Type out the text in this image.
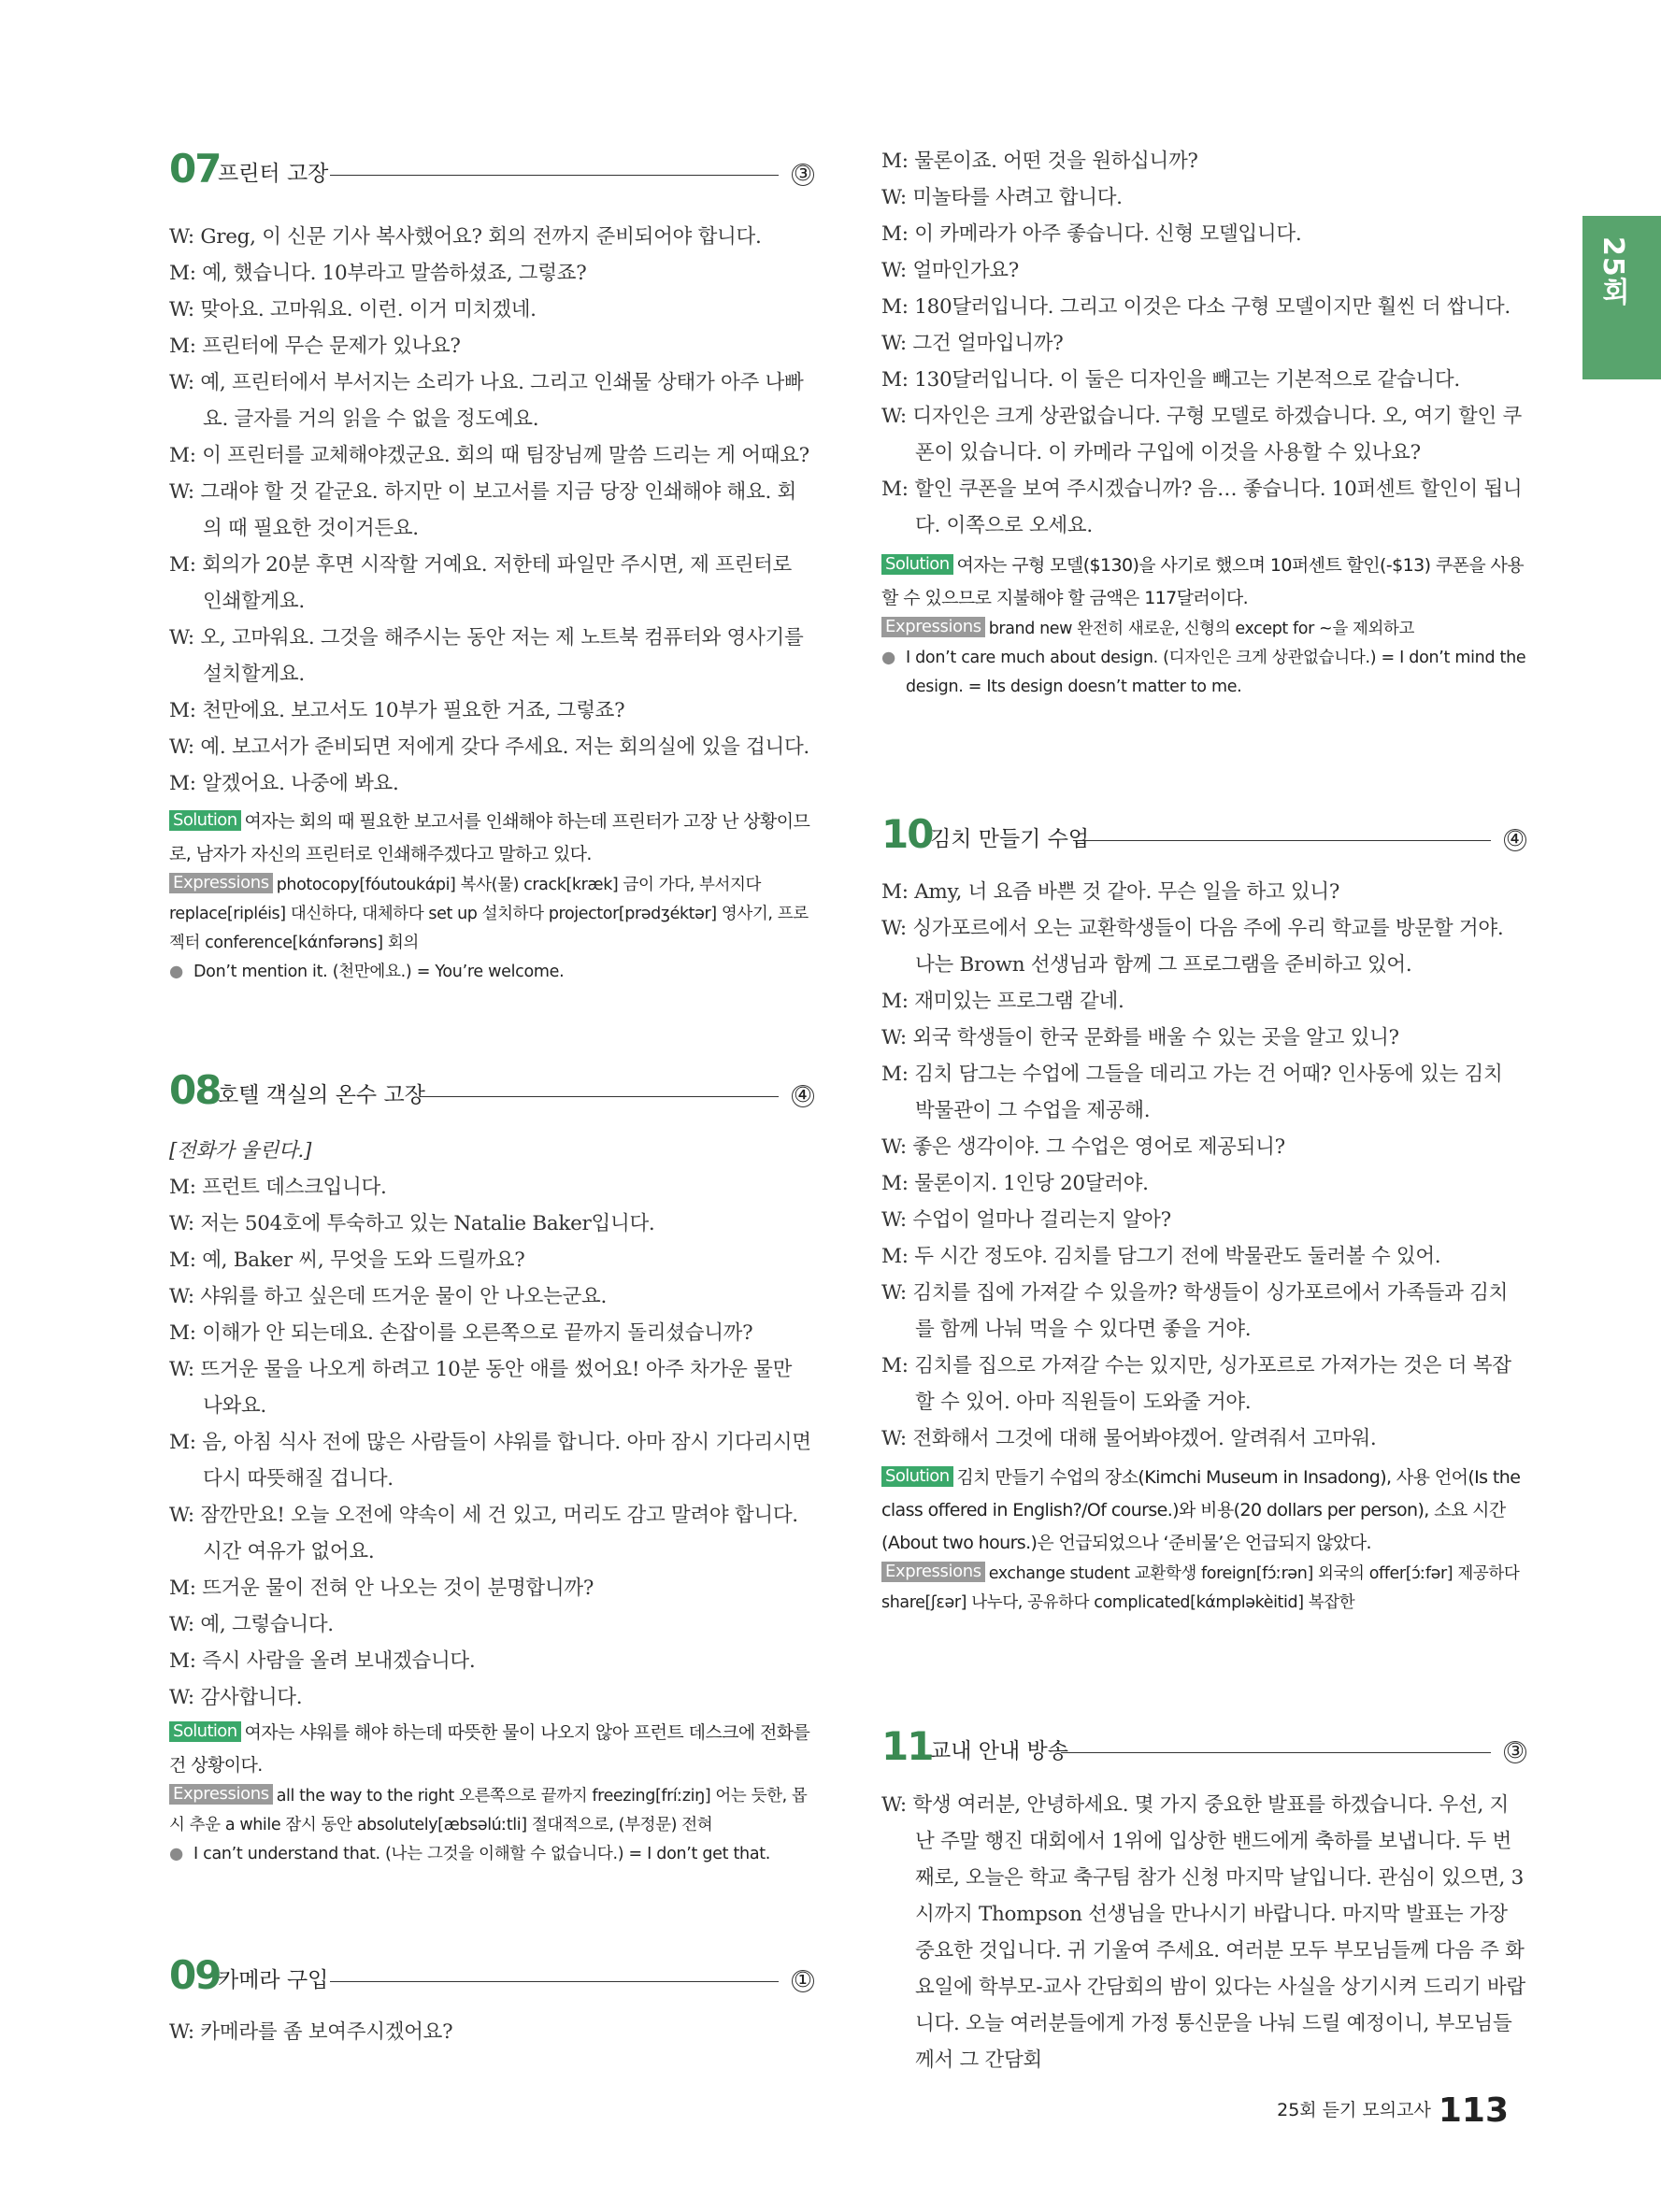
25회
07
프린터 고장	③
W: Greg, 이 신문 기사 복사했어요? 회의 전까지 준비되어야 합니다.
M: 예, 했습니다. 10부라고 말씀하셨죠, 그렇죠?
W: 맞아요. 고마워요. 이런. 이거 미치겠네.
M: 프린터에 무슨 문제가 있나요?
W: 예, 프린터에서 부서지는 소리가 나요. 그리고 인쇄물 상태가 아주 나빠요. 글자를 거의 읽을 수 없을 정도예요.
M: 이 프린터를 교체해야겠군요. 회의 때 팀장님께 말씀 드리는 게 어때요?
W: 그래야 할 것 같군요. 하지만 이 보고서를 지금 당장 인쇄해야 해요. 회의 때 필요한 것이거든요.
M: 회의가 20분 후면 시작할 거예요. 저한테 파일만 주시면, 제 프린터로 인쇄할게요.
W: 오, 고마워요. 그것을 해주시는 동안 저는 제 노트북 컴퓨터와 영사기를 설치할게요.
M: 천만에요. 보고서도 10부가 필요한 거죠, 그렇죠?
W: 예. 보고서가 준비되면 저에게 갖다 주세요. 저는 회의실에 있을 겁니다.
M: 알겠어요. 나중에 봐요.
Solution 여자는 회의 때 필요한 보고서를 인쇄해야 하는데 프린터가 고장 난 상황이므로, 남자가 자신의 프린터로 인쇄해주겠다고 말하고 있다.
Expressions photocopy[fóutoukάpi] 복사(물) crack[kræk] 금이 가다, 부서지다 replace[ripléis] 대신하다, 대체하다 set up 설치하다 projector[prədʒéktər] 영사기, 프로젝터 conference[kάnfərəns] 회의
● Don’t mention it. (천만에요.) = You’re welcome.
08
호텔 객실의 온수 고장	④
[전화가 울린다.]
M: 프런트 데스크입니다.
W: 저는 504호에 투숙하고 있는 Natalie Baker입니다.
M: 예, Baker 씨, 무엇을 도와 드릴까요?
W: 샤워를 하고 싶은데 뜨거운 물이 안 나오는군요.
M: 이해가 안 되는데요. 손잡이를 오른쪽으로 끝까지 돌리셨습니까?
W: 뜨거운 물을 나오게 하려고 10분 동안 애를 썼어요! 아주 차가운 물만 나와요.
M: 음, 아침 식사 전에 많은 사람들이 샤워를 합니다. 아마 잠시 기다리시면 다시 따뜻해질 겁니다.
W: 잠깐만요! 오늘 오전에 약속이 세 건 있고, 머리도 감고 말려야 합니다. 시간 여유가 없어요.
M: 뜨거운 물이 전혀 안 나오는 것이 분명합니까?
W: 예, 그렇습니다.
M: 즉시 사람을 올려 보내겠습니다.
W: 감사합니다.
Solution 여자는 샤워를 해야 하는데 따뜻한 물이 나오지 않아 프런트 데스크에 전화를 건 상황이다.
Expressions all the way to the right 오른쪽으로 끝까지 freezing[fríːziŋ] 어는 듯한, 몹시 추운 a while 잠시 동안 absolutely[æbsəlúːtli] 절대적으로, (부정문) 전혀
● I can’t understand that. (나는 그것을 이해할 수 없습니다.) = I don’t get that.
09
카메라 구입	①
W: 카메라를 좀 보여주시겠어요?
M: 물론이죠. 어떤 것을 원하십니까?
W: 미놀타를 사려고 합니다.
M: 이 카메라가 아주 좋습니다. 신형 모델입니다.
W: 얼마인가요?
M: 180달러입니다. 그리고 이것은 다소 구형 모델이지만 훨씬 더 쌉니다.
W: 그건 얼마입니까?
M: 130달러입니다. 이 둘은 디자인을 빼고는 기본적으로 같습니다.
W: 디자인은 크게 상관없습니다. 구형 모델로 하겠습니다. 오, 여기 할인 쿠폰이 있습니다. 이 카메라 구입에 이것을 사용할 수 있나요?
M: 할인 쿠폰을 보여 주시겠습니까? 음… 좋습니다. 10퍼센트 할인이 됩니다. 이쪽으로 오세요.
Solution 여자는 구형 모델($130)을 사기로 했으며 10퍼센트 할인(-$13) 쿠폰을 사용할 수 있으므로 지불해야 할 금액은 117달러이다.
Expressions brand new 완전히 새로운, 신형의 except for ~을 제외하고
● I don’t care much about design. (디자인은 크게 상관없습니다.) = I don’t mind the design. = Its design doesn’t matter to me.
10
김치 만들기 수업	④
M: Amy, 너 요즘 바쁜 것 같아. 무슨 일을 하고 있니?
W: 싱가포르에서 오는 교환학생들이 다음 주에 우리 학교를 방문할 거야. 나는 Brown 선생님과 함께 그 프로그램을 준비하고 있어.
M: 재미있는 프로그램 같네.
W: 외국 학생들이 한국 문화를 배울 수 있는 곳을 알고 있니?
M: 김치 담그는 수업에 그들을 데리고 가는 건 어때? 인사동에 있는 김치 박물관이 그 수업을 제공해.
W: 좋은 생각이야. 그 수업은 영어로 제공되니?
M: 물론이지. 1인당 20달러야.
W: 수업이 얼마나 걸리는지 알아?
M: 두 시간 정도야. 김치를 담그기 전에 박물관도 둘러볼 수 있어.
W: 김치를 집에 가져갈 수 있을까? 학생들이 싱가포르에서 가족들과 김치를 함께 나눠 먹을 수 있다면 좋을 거야.
M: 김치를 집으로 가져갈 수는 있지만, 싱가포르로 가져가는 것은 더 복잡할 수 있어. 아마 직원들이 도와줄 거야.
W: 전화해서 그것에 대해 물어봐야겠어. 알려줘서 고마워.
Solution 김치 만들기 수업의 장소(Kimchi Museum in Insadong), 사용 언어(Is the class offered in English?/Of course.)와 비용(20 dollars per person), 소요 시간(About two hours.)은 언급되었으나 ‘준비물’은 언급되지 않았다.
Expressions exchange student 교환학생 foreign[fɔ́ːrən] 외국의 offer[ɔ́ːfər] 제공하다 share[ʃɛər] 나누다, 공유하다 complicated[kάmpləkèitid] 복잡한
11
교내 안내 방송	③
W: 학생 여러분, 안녕하세요. 몇 가지 중요한 발표를 하겠습니다. 우선, 지난 주말 행진 대회에서 1위에 입상한 밴드에게 축하를 보냅니다. 두 번째로, 오늘은 학교 축구팀 참가 신청 마지막 날입니다. 관심이 있으면, 3시까지 Thompson 선생님을 만나시기 바랍니다. 마지막 발표는 가장 중요한 것입니다. 귀 기울여 주세요. 여러분 모두 부모님들께 다음 주 화요일에 학부모-교사 간담회의 밤이 있다는 사실을 상기시켜 드리기 바랍니다. 오늘 여러분들에게 가정 통신문을 나눠 드릴 예정이니, 부모님들께서 그 간담회
25회 듣기 모의고사 113
